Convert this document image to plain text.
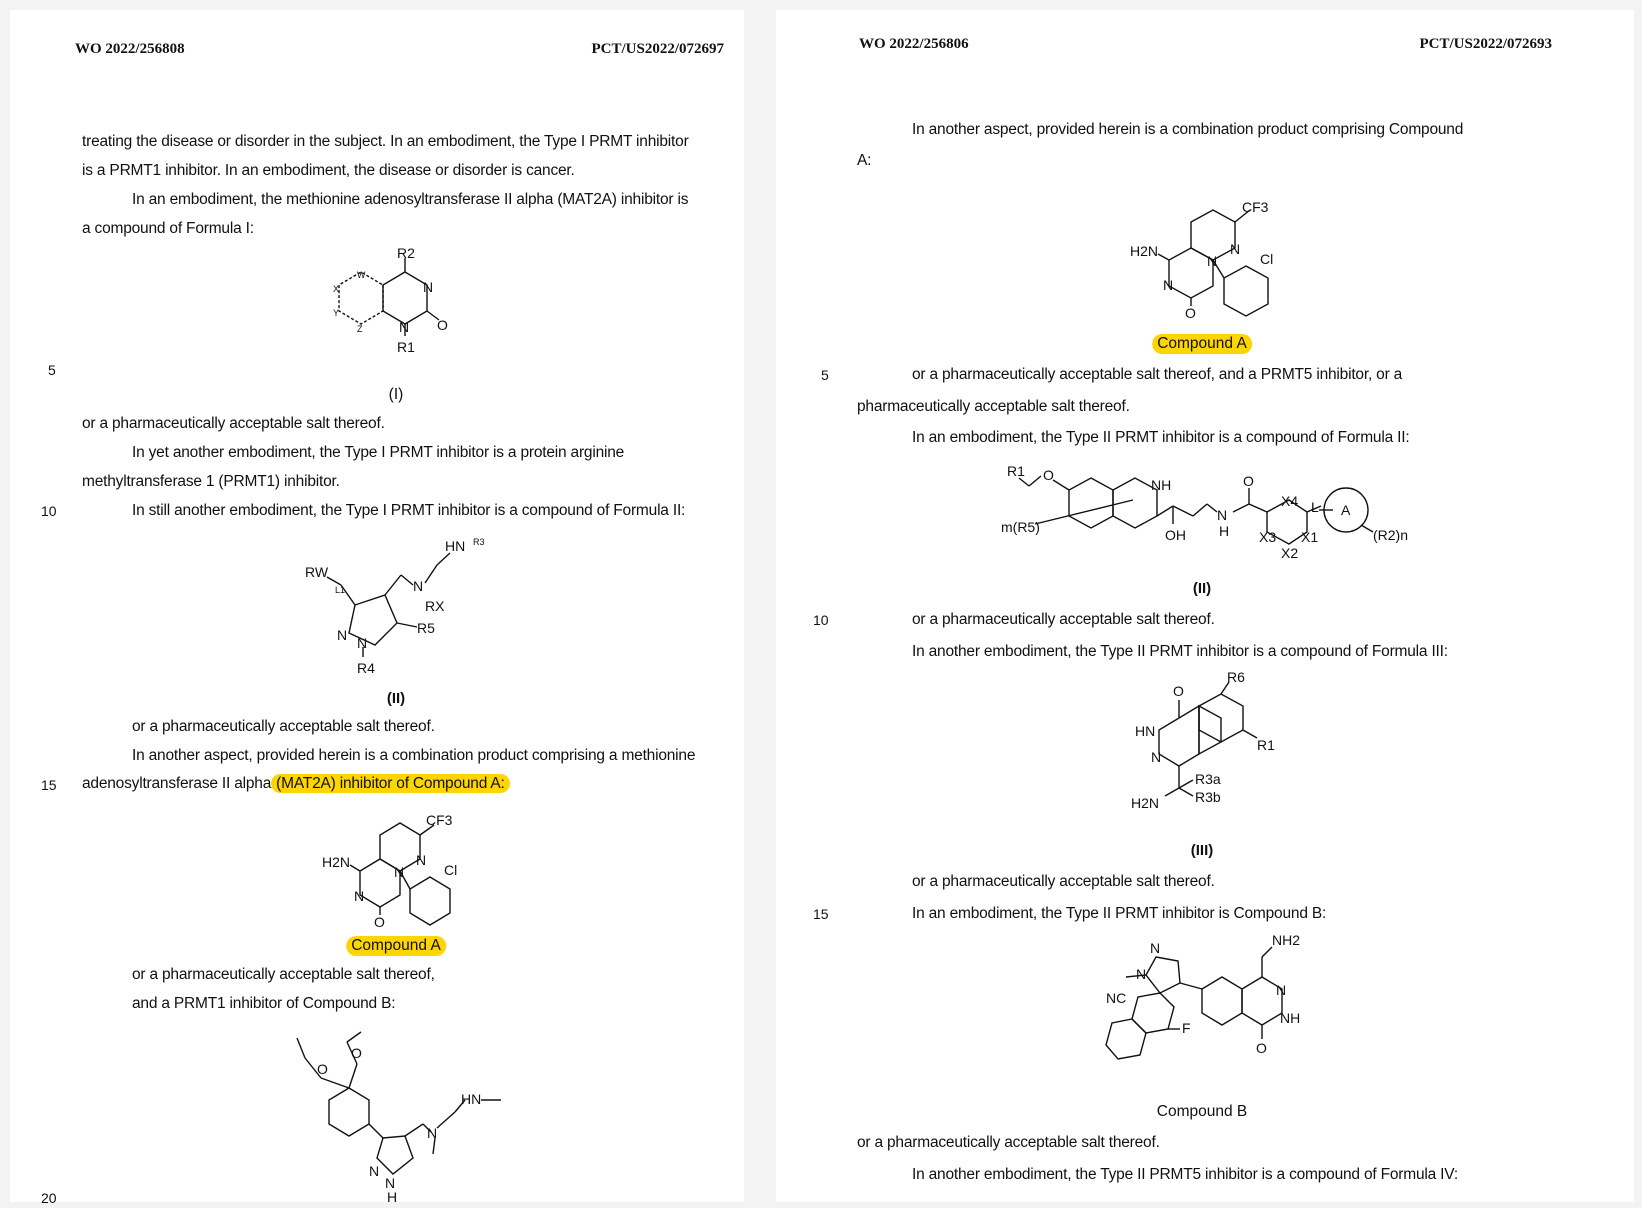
WO 2022/256808	PCT/US2022/072697
treating the disease or disorder in the subject. In an embodiment, the Type I PRMT inhibitor
is a PRMT1 inhibitor. In an embodiment, the disease or disorder is cancer.
In an embodiment, the methionine adenosyltransferase II alpha (MAT2A) inhibitor is
a compound of Formula I:
R2
N
O
N
R1
W
X
Y
Z
5
(I)
or a pharmaceutically acceptable salt thereof.
In yet another embodiment, the Type I PRMT inhibitor is a protein arginine
methyltransferase 1 (PRMT1) inhibitor.
10	In still another embodiment, the Type I PRMT inhibitor is a compound of Formula II:
HN R3
RW
L1	N
RX
N N
R5
R4
(II)
or a pharmaceutically acceptable salt thereof.
In another aspect, provided herein is a combination product comprising a methionine
15 adenosyltransferase II alpha (MAT2A) inhibitor of Compound A:
CF3
H2N	N
Cl
N
N
O
Compound A
or a pharmaceutically acceptable salt thereof,
and a PRMT1 inhibitor of Compound B:
O
O
HN
N
N
N
H
20
WO 2022/256806	PCT/US2022/072693
In another aspect, provided herein is a combination product comprising Compound
A:
CF3
H2N	N
Cl
N
N
O
Compound A
5	or a pharmaceutically acceptable salt thereof, and a PRMT5 inhibitor, or a
pharmaceutically acceptable salt thereof.
In an embodiment, the Type II PRMT inhibitor is a compound of Formula II:
R1 O
NH	O
m(R5)	OH
N
H
X4
X3
X2
X1
L A
(R2)n
(II)
10	or a pharmaceutically acceptable salt thereof.
In another embodiment, the Type II PRMT inhibitor is a compound of Formula III:
O
R6
HN
N
R1
R3a
R3b
H2N
(III)
or a pharmaceutically acceptable salt thereof.
15	In an embodiment, the Type II PRMT inhibitor is Compound B:
N
N
NH2
NC
F
N
NH
O
Compound B
or a pharmaceutically acceptable salt thereof.
In another embodiment, the Type II PRMT5 inhibitor is a compound of Formula IV:
